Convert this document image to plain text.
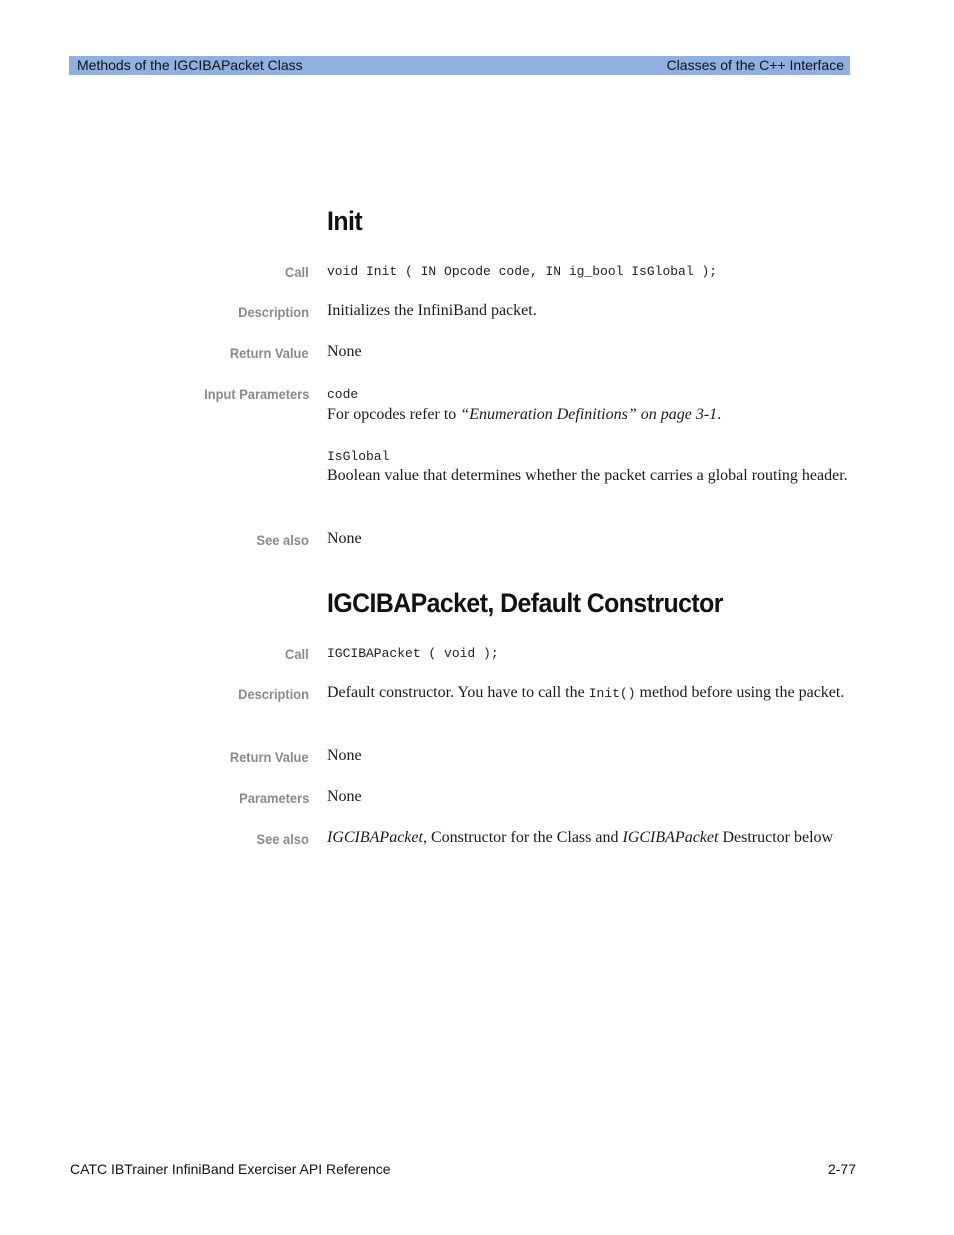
Methods of the IGCIBAPacket Class	Classes of the C++ Interface
Init
Call void Init ( IN Opcode code, IN ig_bool IsGlobal );
Description Initializes the InfiniBand packet.
Return Value None
Input Parameters code
For opcodes refer to “Enumeration Definitions” on page 3-1.
IsGlobal
Boolean value that determines whether the packet carries a global routing header.
See also None
IGCIBAPacket, Default Constructor
Call IGCIBAPacket ( void );
Description Default constructor. You have to call the Init() method before using the packet.
Return Value None
Parameters None
See also IGCIBAPacket, Constructor for the Class and IGCIBAPacket Destructor below
CATC IBTrainer InfiniBand Exerciser API Reference	2-77
